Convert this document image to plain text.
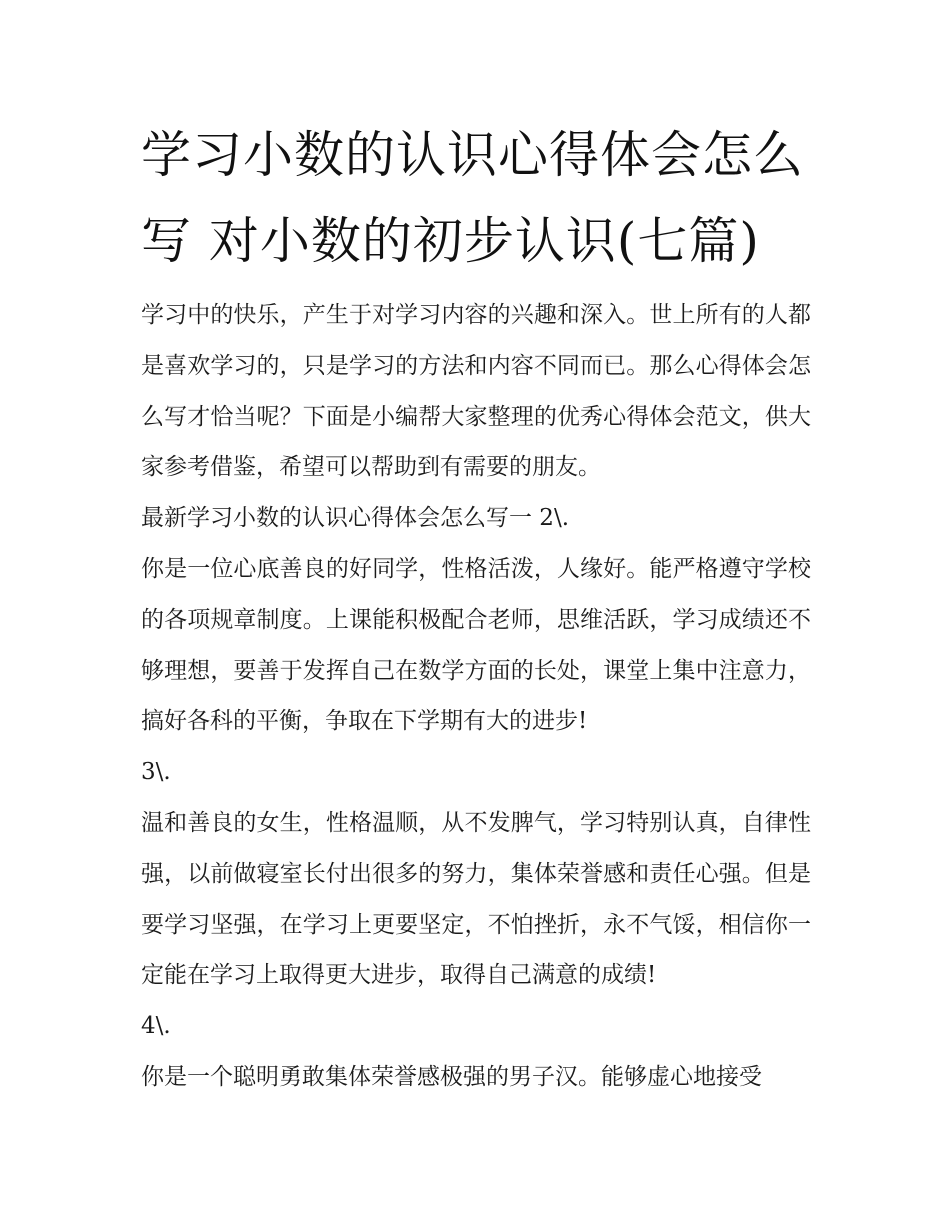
学习小数的认识心得体会怎么写 对小数的初步认识(七篇)

学习中的快乐，产生于对学习内容的兴趣和深入。世上所有的人都是喜欢学习的，只是学习的方法和内容不同而已。那么心得体会怎么写才恰当呢？下面是小编帮大家整理的优秀心得体会范文，供大家参考借鉴，希望可以帮助到有需要的朋友。

最新学习小数的认识心得体会怎么写一 2\.

你是一位心底善良的好同学，性格活泼，人缘好。能严格遵守学校的各项规章制度。上课能积极配合老师，思维活跃，学习成绩还不够理想，要善于发挥自己在数学方面的长处，课堂上集中注意力，搞好各科的平衡，争取在下学期有大的进步!

3\.

温和善良的女生，性格温顺，从不发脾气，学习特别认真，自律性强，以前做寝室长付出很多的努力，集体荣誉感和责任心强。但是要学习坚强，在学习上更要坚定，不怕挫折，永不气馁，相信你一定能在学习上取得更大进步，取得自己满意的成绩!

4\.

你是一个聪明勇敢集体荣誉感极强的男子汉。能够虚心地接受
